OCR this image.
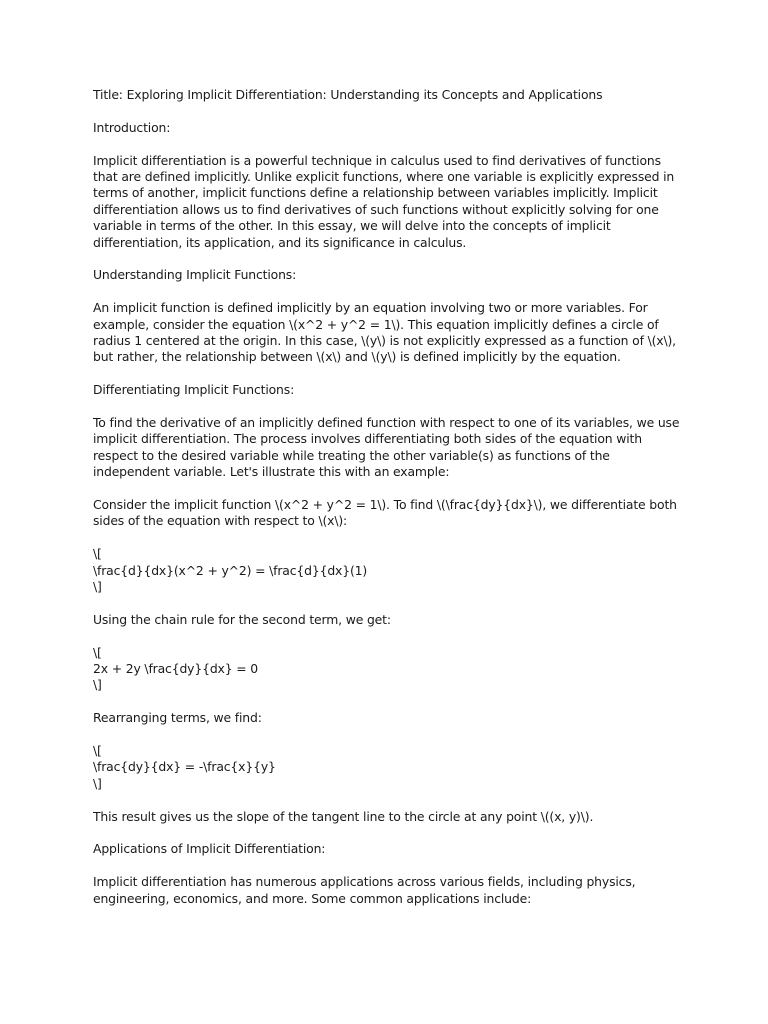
Title: Exploring Implicit Differentiation: Understanding its Concepts and Applications

Introduction:

Implicit differentiation is a powerful technique in calculus used to find derivatives of functions that are defined implicitly. Unlike explicit functions, where one variable is explicitly expressed in terms of another, implicit functions define a relationship between variables implicitly. Implicit differentiation allows us to find derivatives of such functions without explicitly solving for one variable in terms of the other. In this essay, we will delve into the concepts of implicit differentiation, its application, and its significance in calculus.

Understanding Implicit Functions:

An implicit function is defined implicitly by an equation involving two or more variables. For example, consider the equation \(x^2 + y^2 = 1\). This equation implicitly defines a circle of radius 1 centered at the origin. In this case, \(y\) is not explicitly expressed as a function of \(x\), but rather, the relationship between \(x\) and \(y\) is defined implicitly by the equation.

Differentiating Implicit Functions:

To find the derivative of an implicitly defined function with respect to one of its variables, we use implicit differentiation. The process involves differentiating both sides of the equation with respect to the desired variable while treating the other variable(s) as functions of the independent variable. Let's illustrate this with an example:

Consider the implicit function \(x^2 + y^2 = 1\). To find \(\frac{dy}{dx}\), we differentiate both sides of the equation with respect to \(x\):

\[
\frac{d}{dx}(x^2 + y^2) = \frac{d}{dx}(1)
\]

Using the chain rule for the second term, we get:

\[
2x + 2y \frac{dy}{dx} = 0
\]

Rearranging terms, we find:

\[
\frac{dy}{dx} = -\frac{x}{y}
\]

This result gives us the slope of the tangent line to the circle at any point \((x, y)\).

Applications of Implicit Differentiation:

Implicit differentiation has numerous applications across various fields, including physics, engineering, economics, and more. Some common applications include:
